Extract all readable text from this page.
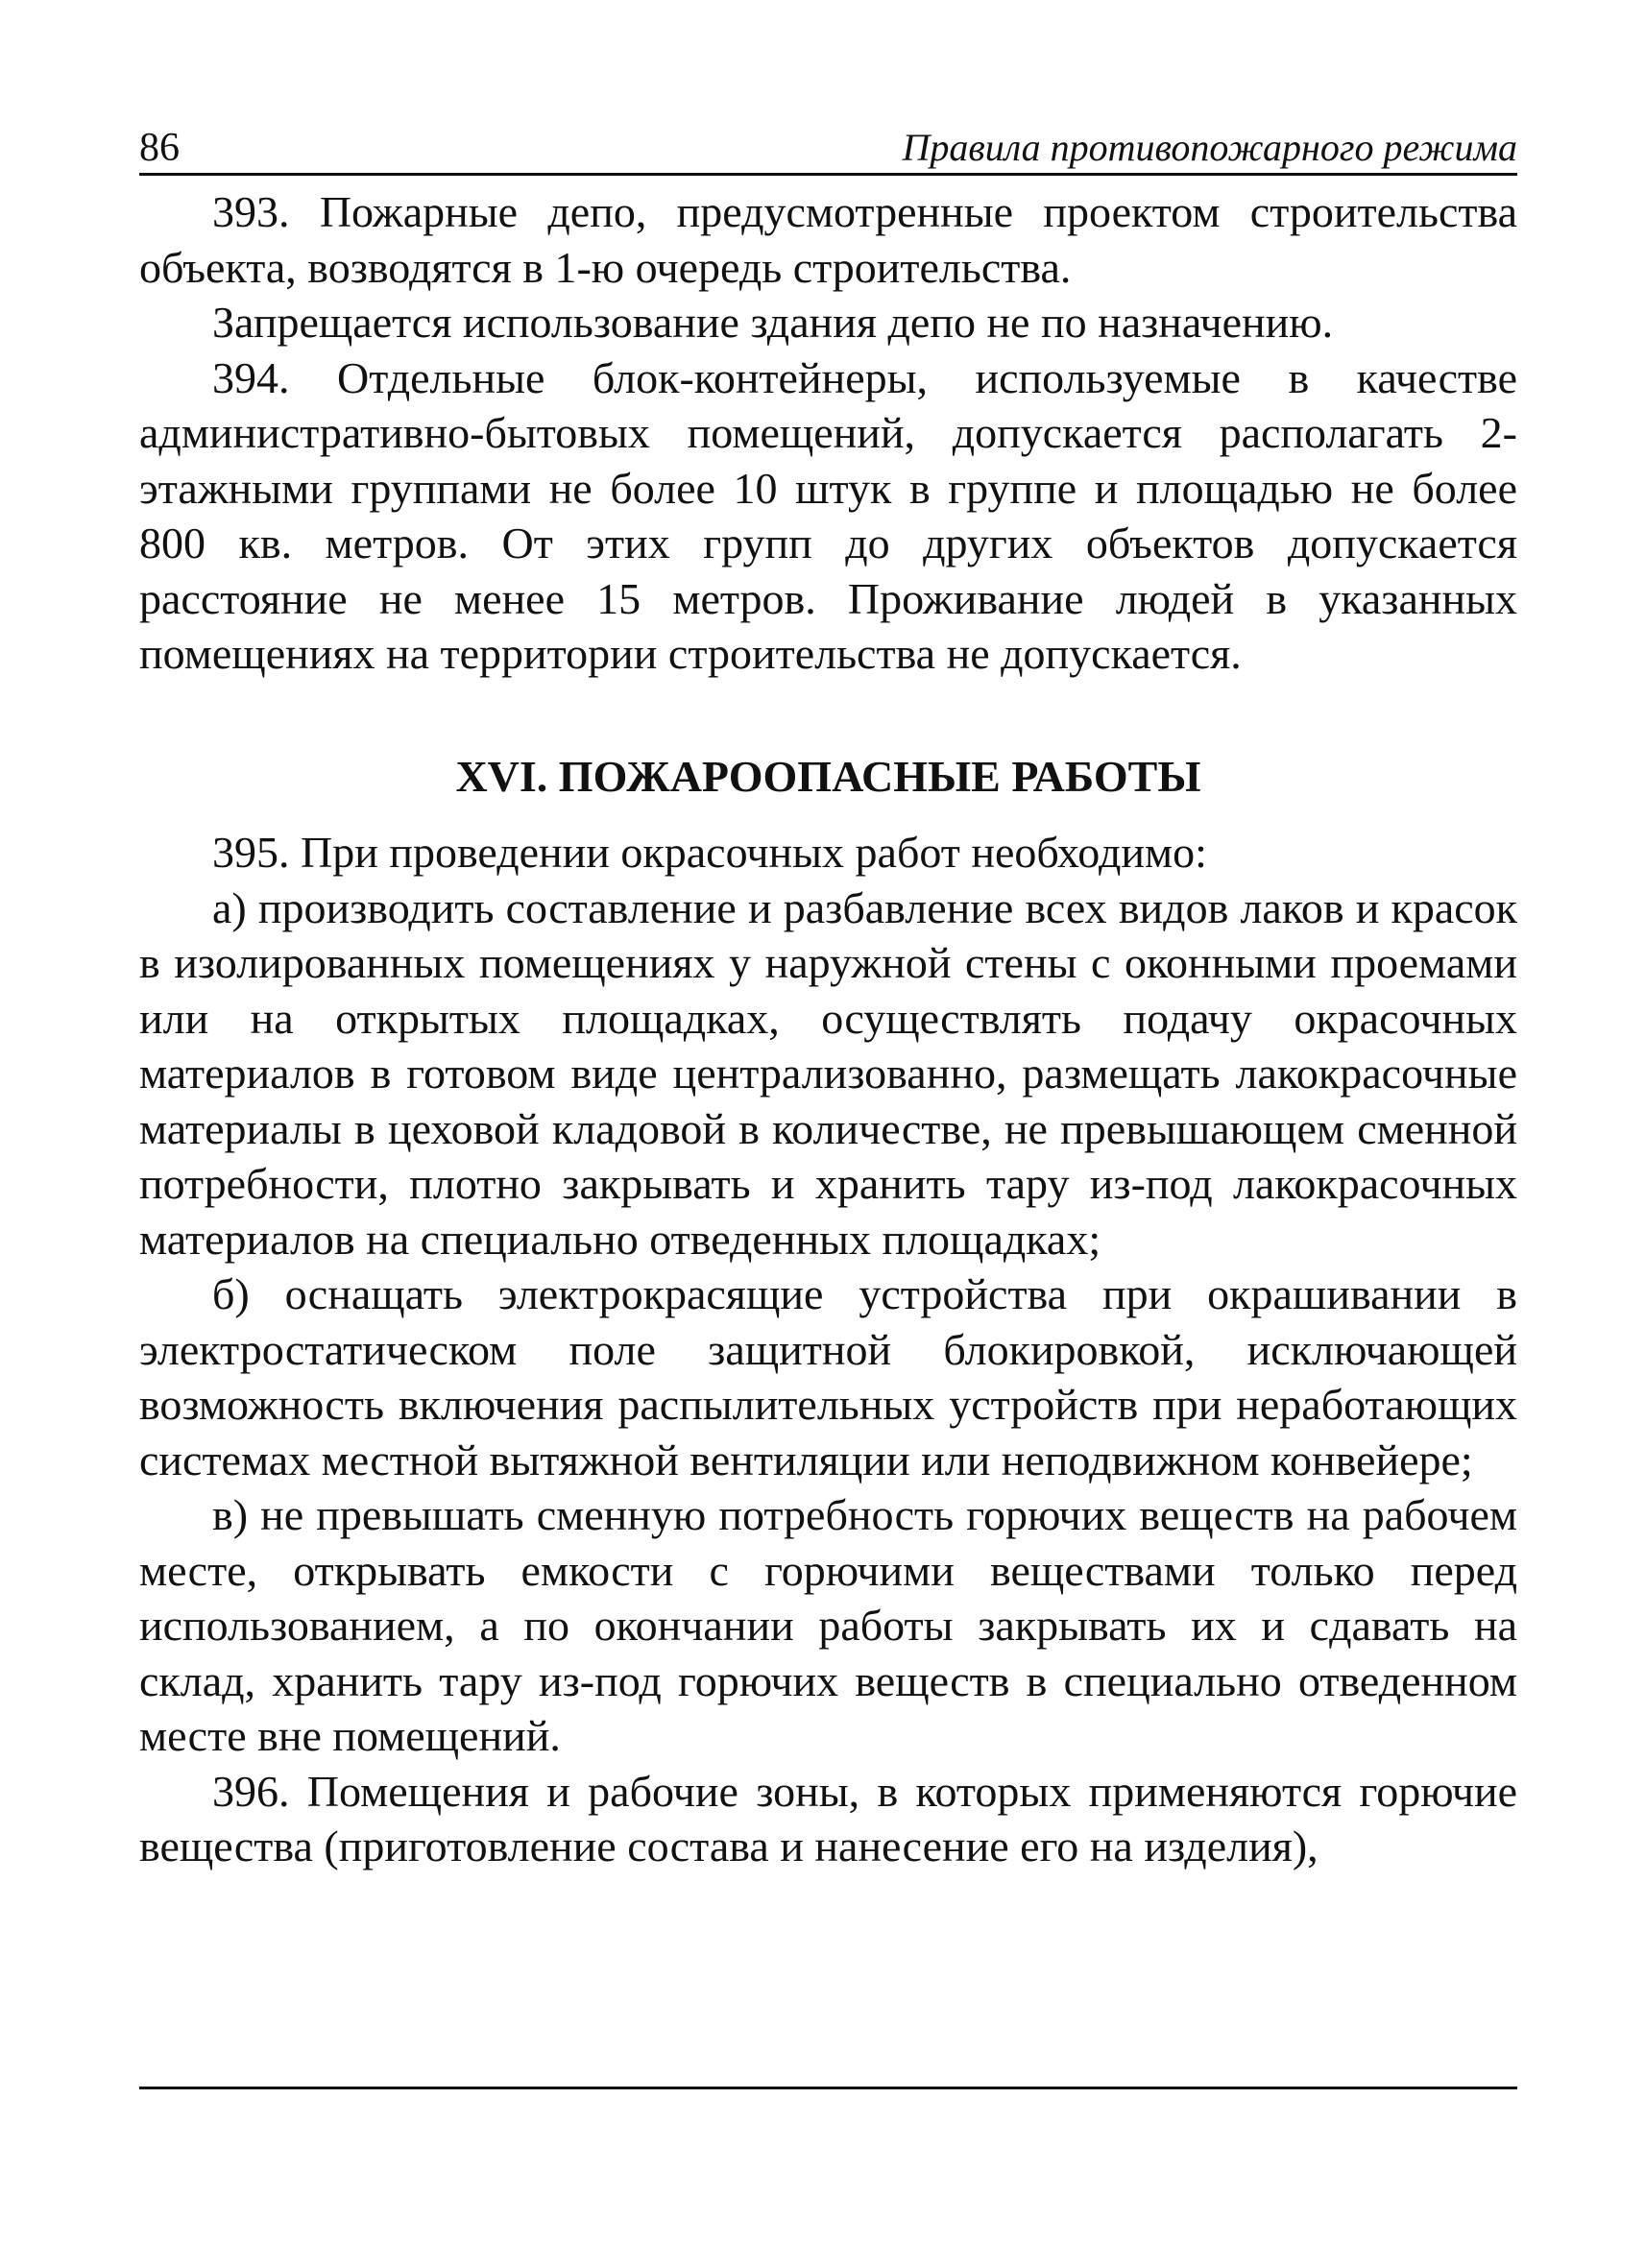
86	Правила противопожарного режима

393. Пожарные депо, предусмотренные проектом строительства объекта, возводятся в 1-ю очередь строительства.

Запрещается использование здания депо не по назначению.

394. Отдельные блок-контейнеры, используемые в качестве административно-бытовых помещений, допускается располагать 2-этажными группами не более 10 штук в группе и площадью не более 800 кв. метров. От этих групп до других объектов допускается расстояние не менее 15 метров. Проживание людей в указанных помещениях на территории строительства не допускается.

XVI. ПОЖАРООПАСНЫЕ РАБОТЫ

395. При проведении окрасочных работ необходимо:

а) производить составление и разбавление всех видов лаков и красок в изолированных помещениях у наружной стены с оконными проемами или на открытых площадках, осуществлять подачу окрасочных материалов в готовом виде централизованно, размещать лакокрасочные материалы в цеховой кладовой в количестве, не превышающем сменной потребности, плотно закрывать и хранить тару из-под лакокрасочных материалов на специально отведенных площадках;

б) оснащать электрокрасящие устройства при окрашивании в электростатическом поле защитной блокировкой, исключающей возможность включения распылительных устройств при неработающих системах местной вытяжной вентиляции или неподвижном конвейере;

в) не превышать сменную потребность горючих веществ на рабочем месте, открывать емкости с горючими веществами только перед использованием, а по окончании работы закрывать их и сдавать на склад, хранить тару из-под горючих веществ в специально отведенном месте вне помещений.

396. Помещения и рабочие зоны, в которых применяются горючие вещества (приготовление состава и нанесение его на изделия),
